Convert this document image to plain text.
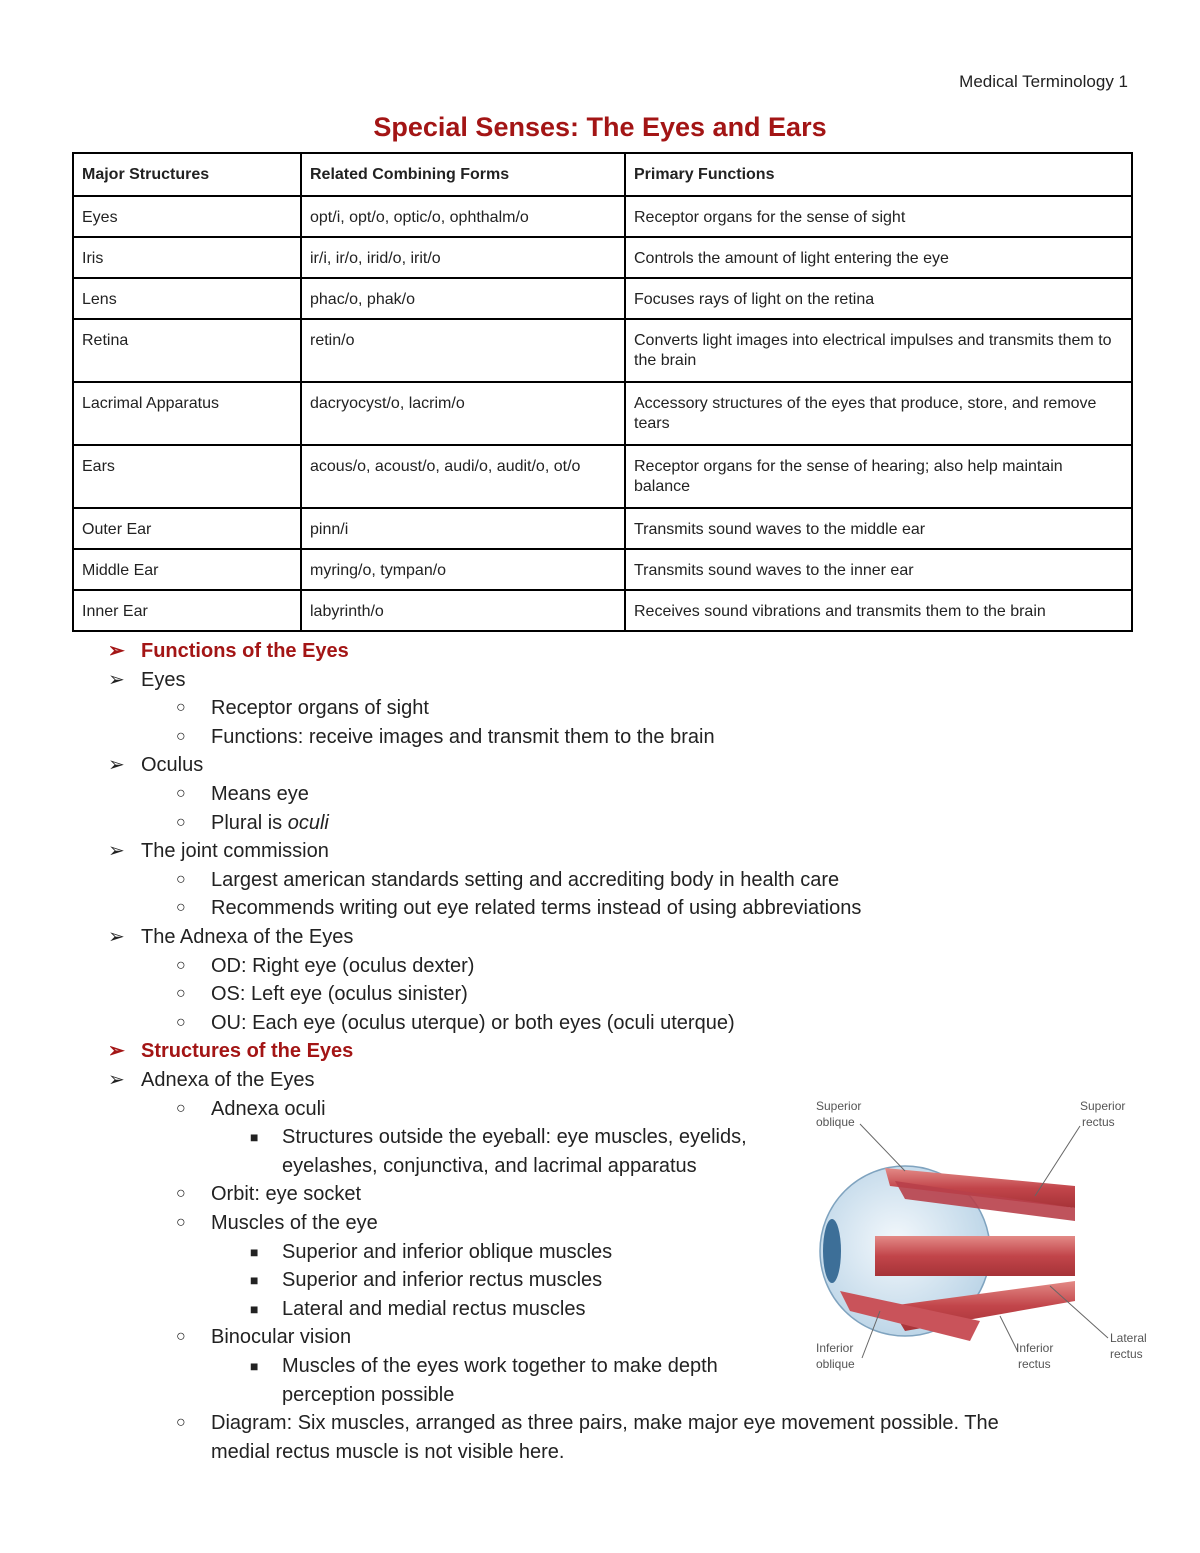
Medical Terminology 1
Special Senses: The Eyes and Ears
Major Structures	Related Combining Forms	Primary Functions
Eyes	opt/i, opt/o, optic/o, ophthalm/o	Receptor organs for the sense of sight
Iris	ir/i, ir/o, irid/o, irit/o	Controls the amount of light entering the eye
Lens	phac/o, phak/o	Focuses rays of light on the retina
Retina	retin/o	Converts light images into electrical impulses and transmits them to the brain
Lacrimal Apparatus	dacryocyst/o, lacrim/o	Accessory structures of the eyes that produce, store, and remove tears
Ears	acous/o, acoust/o, audi/o, audit/o, ot/o	Receptor organs for the sense of hearing; also help maintain balance
Outer Ear	pinn/i	Transmits sound waves to the middle ear
Middle Ear	myring/o, tympan/o	Transmits sound waves to the inner ear
Inner Ear	labyrinth/o	Receives sound vibrations and transmits them to the brain
➢ Functions of the Eyes
➢ Eyes
○ Receptor organs of sight
○ Functions: receive images and transmit them to the brain
➢ Oculus
○ Means eye
○ Plural is oculi
➢ The joint commission
○ Largest american standards setting and accrediting body in health care
○ Recommends writing out eye related terms instead of using abbreviations
➢ The Adnexa of the Eyes
○ OD: Right eye (oculus dexter)
○ OS: Left eye (oculus sinister)
○ OU: Each eye (oculus uterque) or both eyes (oculi uterque)
➢ Structures of the Eyes
➢ Adnexa of the Eyes
○ Adnexa oculi
■ Structures outside the eyeball: eye muscles, eyelids,
eyelashes, conjunctiva, and lacrimal apparatus
○ Orbit: eye socket
○ Muscles of the eye
■ Superior and inferior oblique muscles
■ Superior and inferior rectus muscles
■ Lateral and medial rectus muscles
○ Binocular vision
■ Muscles of the eyes work together to make depth
perception possible
○ Diagram: Six muscles, arranged as three pairs, make major eye movement possible. The
medial rectus muscle is not visible here.
Superior
oblique
Superior
rectus
Inferior
oblique
Inferior
rectus
Lateral
rectus
